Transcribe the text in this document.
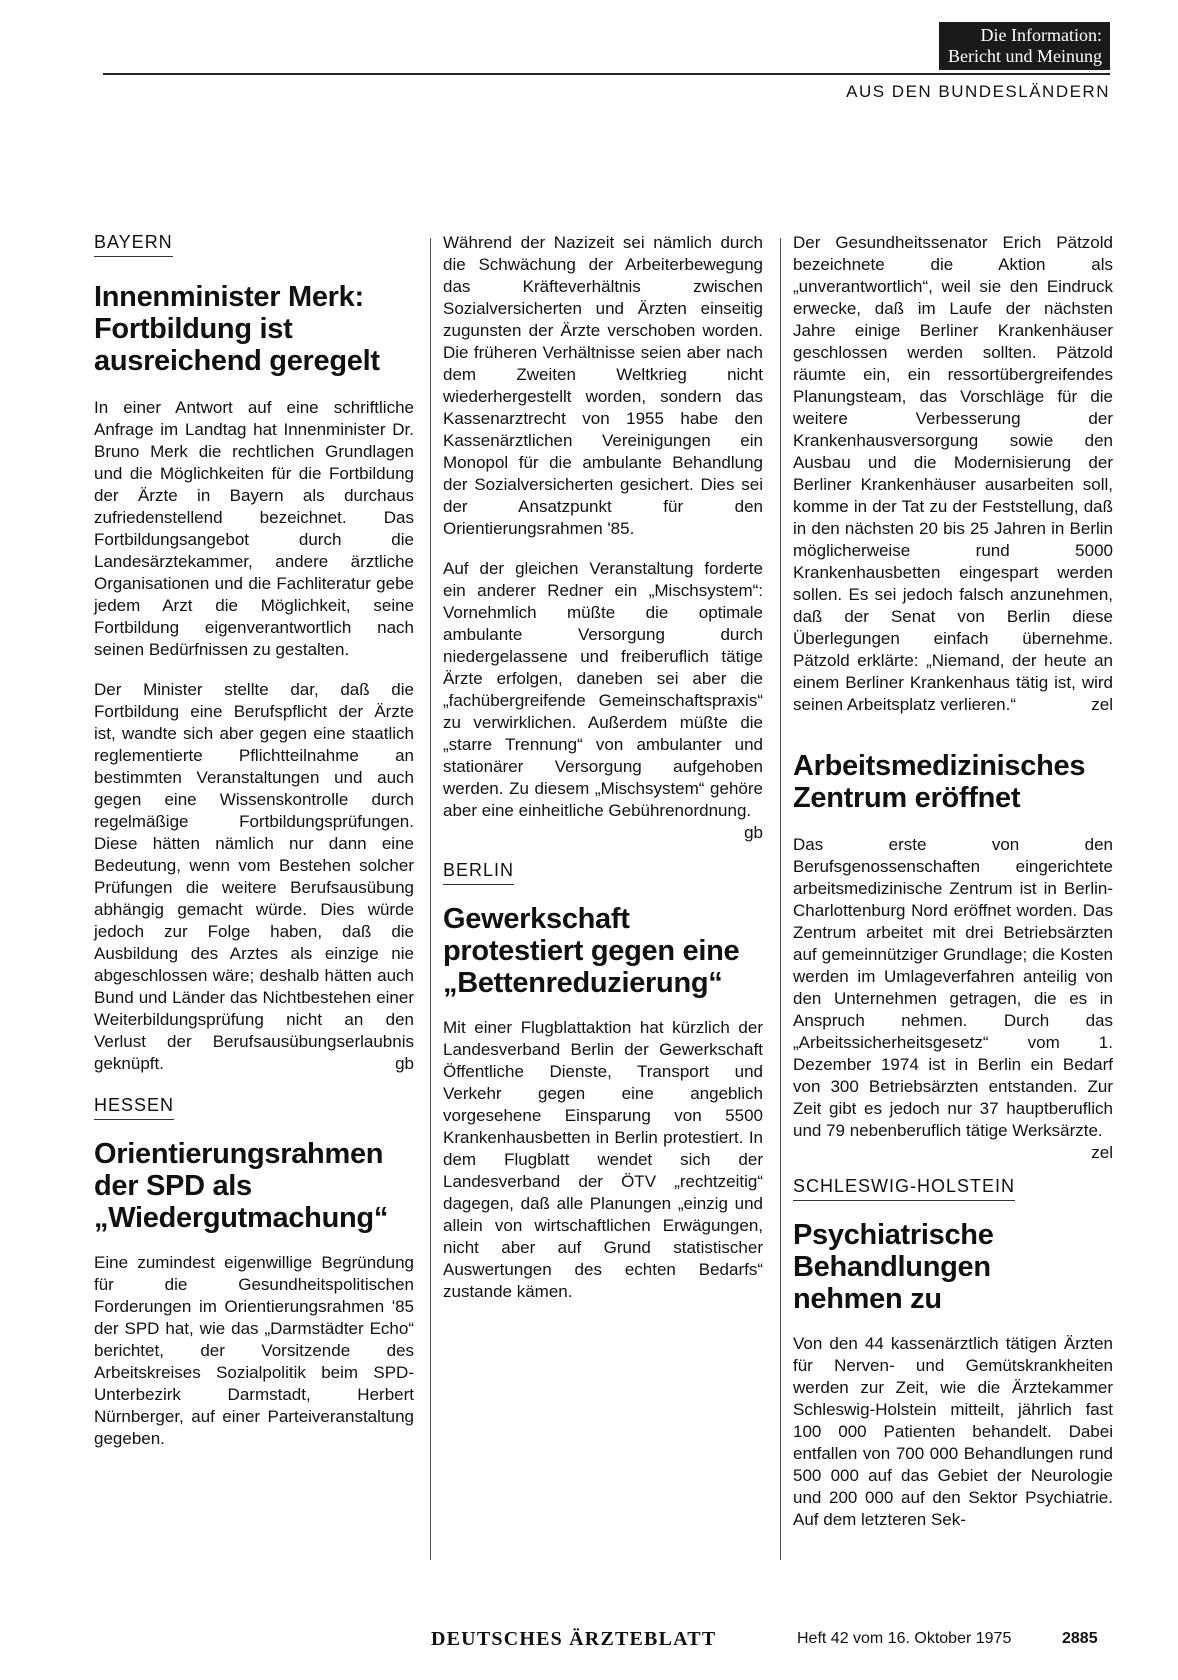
Die Information:
Bericht und Meinung
AUS DEN BUNDESLÄNDERN
BAYERN
Innenminister Merk: Fortbildung ist ausreichend geregelt

In einer Antwort auf eine schriftliche Anfrage im Landtag hat Innenminister Dr. Bruno Merk die rechtlichen Grundlagen und die Möglichkeiten für die Fortbildung der Ärzte in Bayern als durchaus zufriedenstellend bezeichnet. Das Fortbildungsangebot durch die Landesärztekammer, andere ärztliche Organisationen und die Fachliteratur gebe jedem Arzt die Möglichkeit, seine Fortbildung eigenverantwortlich nach seinen Bedürfnissen zu gestalten.

Der Minister stellte dar, daß die Fortbildung eine Berufspflicht der Ärzte ist, wandte sich aber gegen eine staatlich reglementierte Pflichtteilnahme an bestimmten Veranstaltungen und auch gegen eine Wissenskontrolle durch regelmäßige Fortbildungsprüfungen. Diese hätten nämlich nur dann eine Bedeutung, wenn vom Bestehen solcher Prüfungen die weitere Berufsausübung abhängig gemacht würde. Dies würde jedoch zur Folge haben, daß die Ausbildung des Arztes als einzige nie abgeschlossen wäre; deshalb hätten auch Bund und Länder das Nichtbestehen einer Weiterbildungsprüfung nicht an den Verlust der Berufsausübungserlaubnis geknüpft.	gb

HESSEN
Orientierungsrahmen der SPD als „Wiedergutmachung“

Eine zumindest eigenwillige Begründung für die Gesundheitspolitischen Forderungen im Orientierungsrahmen '85 der SPD hat, wie das „Darmstädter Echo“ berichtet, der Vorsitzende des Arbeitskreises Sozialpolitik beim SPD-Unterbezirk Darmstadt, Herbert Nürnberger, auf einer Parteiveranstaltung gegeben.

Während der Nazizeit sei nämlich durch die Schwächung der Arbeiterbewegung das Kräfteverhältnis zwischen Sozialversicherten und Ärzten einseitig zugunsten der Ärzte verschoben worden. Die früheren Verhältnisse seien aber nach dem Zweiten Weltkrieg nicht wiederhergestellt worden, sondern das Kassenarztrecht von 1955 habe den Kassenärztlichen Vereinigungen ein Monopol für die ambulante Behandlung der Sozialversicherten gesichert. Dies sei der Ansatzpunkt für den Orientierungsrahmen '85.

Auf der gleichen Veranstaltung forderte ein anderer Redner ein „Mischsystem“: Vornehmlich müßte die optimale ambulante Versorgung durch niedergelassene und freiberuflich tätige Ärzte erfolgen, daneben sei aber die „fachübergreifende Gemeinschaftspraxis“ zu verwirklichen. Außerdem müßte die „starre Trennung“ von ambulanter und stationärer Versorgung aufgehoben werden. Zu diesem „Mischsystem“ gehöre aber eine einheitliche Gebührenordnung.
gb

BERLIN
Gewerkschaft protestiert gegen eine „Bettenreduzierung“

Mit einer Flugblattaktion hat kürzlich der Landesverband Berlin der Gewerkschaft Öffentliche Dienste, Transport und Verkehr gegen eine angeblich vorgesehene Einsparung von 5500 Krankenhausbetten in Berlin protestiert. In dem Flugblatt wendet sich der Landesverband der ÖTV „rechtzeitig“ dagegen, daß alle Planungen „einzig und allein von wirtschaftlichen Erwägungen, nicht aber auf Grund statistischer Auswertungen des echten Bedarfs“ zustande kämen.

Der Gesundheitssenator Erich Pätzold bezeichnete die Aktion als „unverantwortlich“, weil sie den Eindruck erwecke, daß im Laufe der nächsten Jahre einige Berliner Krankenhäuser geschlossen werden sollten. Pätzold räumte ein, ein ressortübergreifendes Planungsteam, das Vorschläge für die weitere Verbesserung der Krankenhausversorgung sowie den Ausbau und die Modernisierung der Berliner Krankenhäuser ausarbeiten soll, komme in der Tat zu der Feststellung, daß in den nächsten 20 bis 25 Jahren in Berlin möglicherweise rund 5000 Krankenhausbetten eingespart werden sollen. Es sei jedoch falsch anzunehmen, daß der Senat von Berlin diese Überlegungen einfach übernehme. Pätzold erklärte: „Niemand, der heute an einem Berliner Krankenhaus tätig ist, wird seinen Arbeitsplatz verlieren.“	zel

Arbeitsmedizinisches Zentrum eröffnet

Das erste von den Berufsgenossenschaften eingerichtete arbeitsmedizinische Zentrum ist in Berlin-Charlottenburg Nord eröffnet worden. Das Zentrum arbeitet mit drei Betriebsärzten auf gemeinnütziger Grundlage; die Kosten werden im Umlageverfahren anteilig von den Unternehmen getragen, die es in Anspruch nehmen. Durch das „Arbeitssicherheitsgesetz“ vom 1. Dezember 1974 ist in Berlin ein Bedarf von 300 Betriebsärzten entstanden. Zur Zeit gibt es jedoch nur 37 hauptberuflich und 79 nebenberuflich tätige Werksärzte.
zel

SCHLESWIG-HOLSTEIN
Psychiatrische Behandlungen nehmen zu

Von den 44 kassenärztlich tätigen Ärzten für Nerven- und Gemütskrankheiten werden zur Zeit, wie die Ärztekammer Schleswig-Holstein mitteilt, jährlich fast 100 000 Patienten behandelt. Dabei entfallen von 700 000 Behandlungen rund 500 000 auf das Gebiet der Neurologie und 200 000 auf den Sektor Psychiatrie. Auf dem letzteren Sek-

DEUTSCHES ÄRZTEBLATT	Heft 42 vom 16. Oktober 1975	2885
